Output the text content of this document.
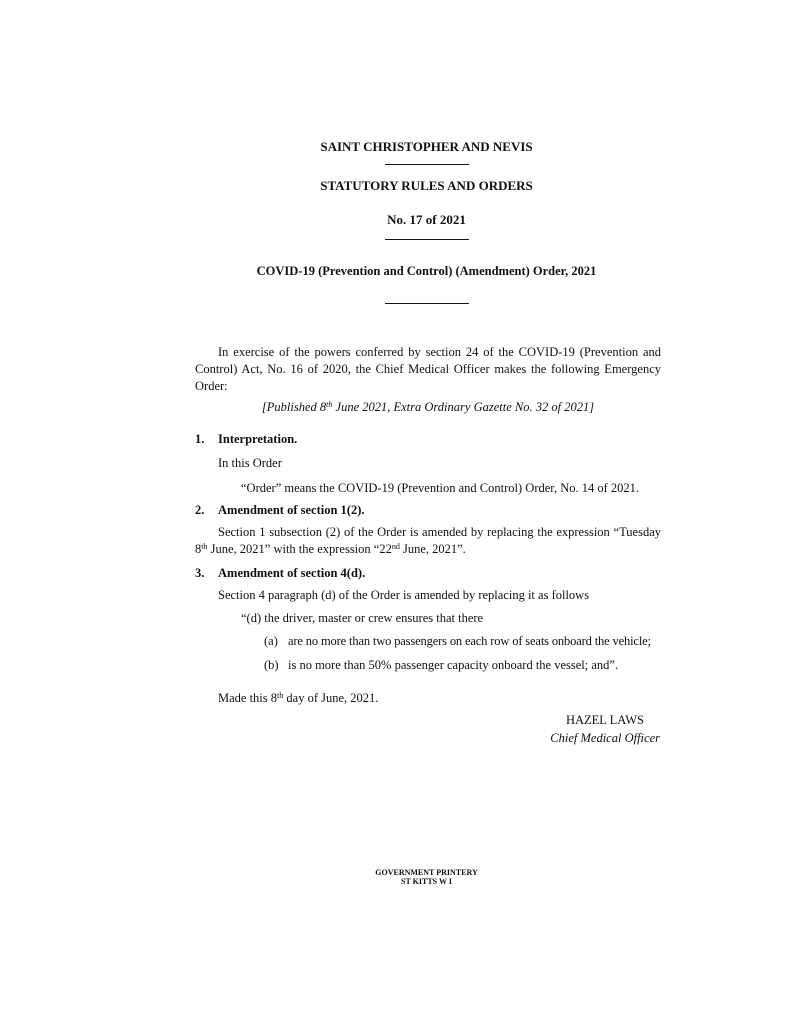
SAINT CHRISTOPHER AND NEVIS
STATUTORY RULES AND ORDERS
No. 17 of 2021
COVID-19 (Prevention and Control) (Amendment) Order, 2021

In exercise of the powers conferred by section 24 of the COVID-19 (Prevention and Control) Act, No. 16 of 2020, the Chief Medical Officer makes the following Emergency Order:

[Published 8th June 2021, Extra Ordinary Gazette No. 32 of 2021]

1. Interpretation.
In this Order
“Order” means the COVID-19 (Prevention and Control) Order, No. 14 of 2021.
2. Amendment of section 1(2).

Section 1 subsection (2) of the Order is amended by replacing the expression “Tuesday 8th June, 2021” with the expression “22nd June, 2021”.

3. Amendment of section 4(d).
Section 4 paragraph (d) of the Order is amended by replacing it as follows
“(d) the driver, master or crew ensures that there
(a) are no more than two passengers on each row of seats onboard the vehicle;
(b) is no more than 50% passenger capacity onboard the vessel; and”.
Made this 8th day of June, 2021.
HAZEL LAWS
Chief Medical Officer
GOVERNMENT PRINTERY
ST KITTS W I
